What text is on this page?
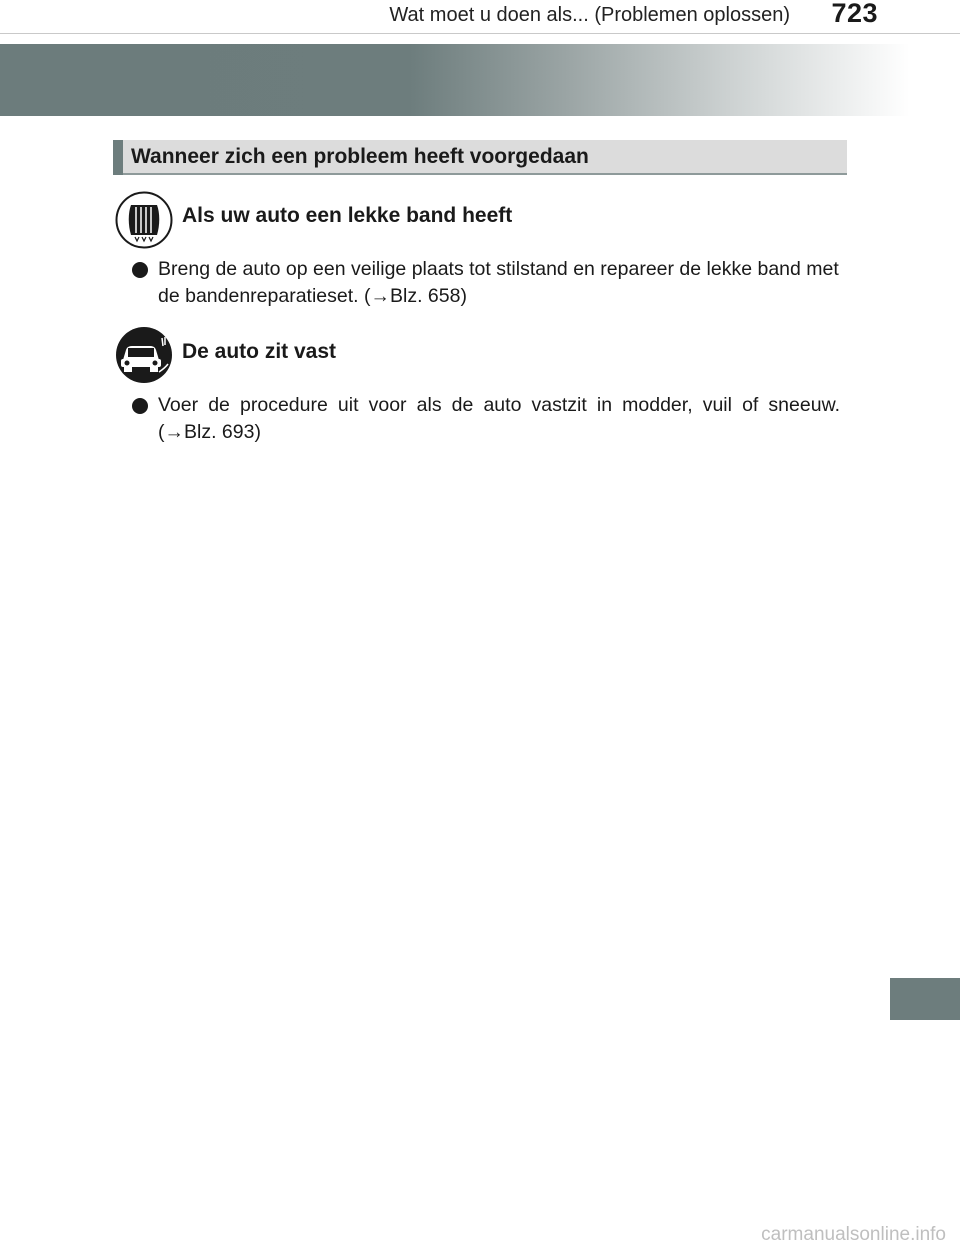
Wat moet u doen als... (Problemen oplossen) 723
Wanneer zich een probleem heeft voorgedaan
Als uw auto een lekke band heeft
Breng de auto op een veilige plaats tot stilstand en repareer de lekke band met de bandenreparatieset. (→Blz. 658)
De auto zit vast
Voer de procedure uit voor als de auto vastzit in modder, vuil of sneeuw. (→Blz. 693)
carmanualsonline.info
